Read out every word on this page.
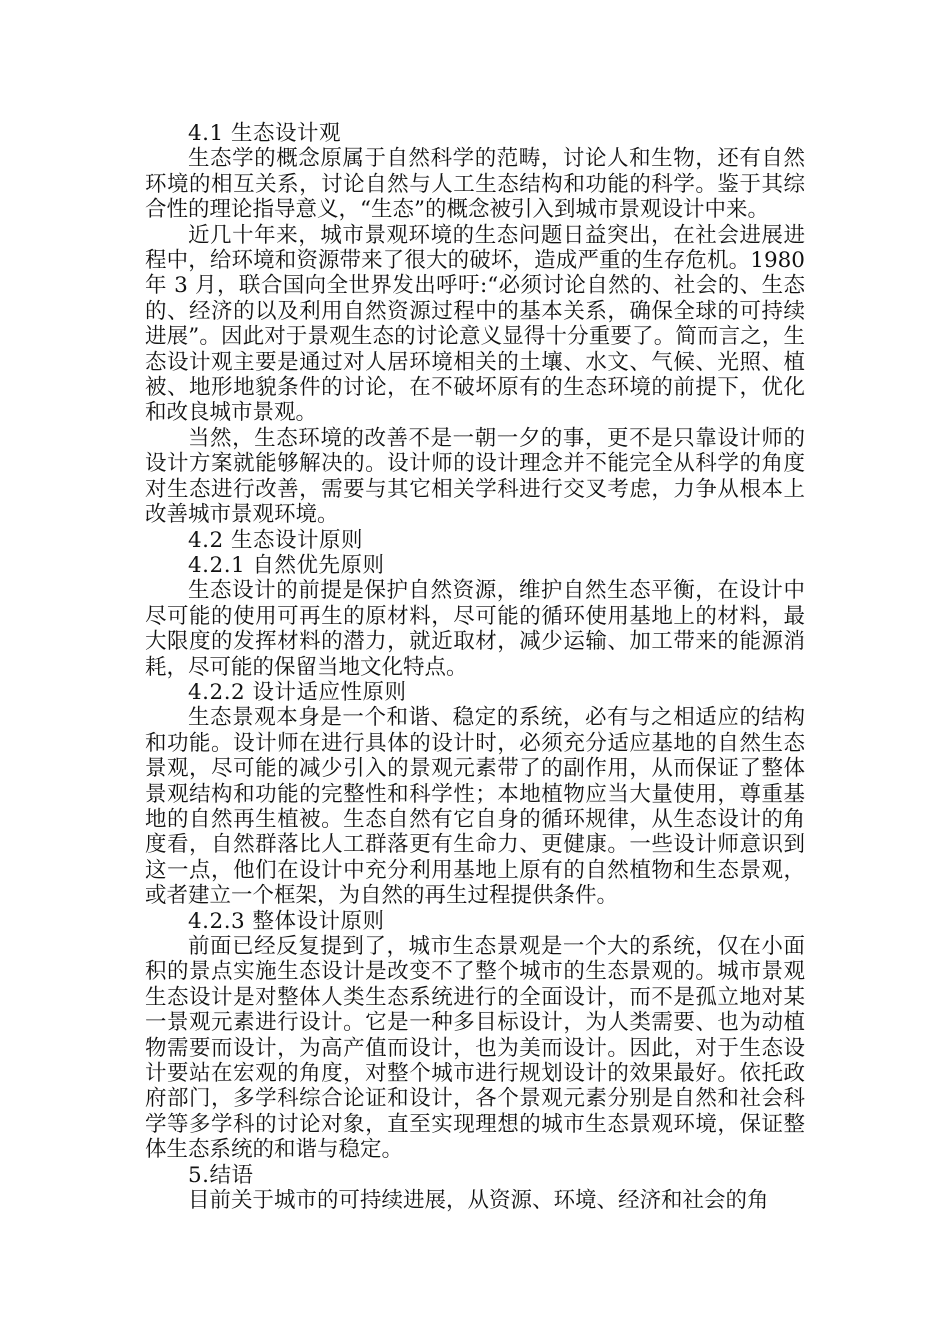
4.1 生态设计观

生态学的概念原属于自然科学的范畴，讨论人和生物，还有自然环境的相互关系，讨论自然与人工生态结构和功能的科学。鉴于其综合性的理论指导意义，“生态”的概念被引入到城市景观设计中来。

近几十年来，城市景观环境的生态问题日益突出，在社会进展进程中，给环境和资源带来了很大的破坏，造成严重的生存危机。1980 年 3 月，联合国向全世界发出呼吁:“必须讨论自然的、社会的、生态的、经济的以及利用自然资源过程中的基本关系，确保全球的可持续进展”。因此对于景观生态的讨论意义显得十分重要了。简而言之，生态设计观主要是通过对人居环境相关的土壤、水文、气候、光照、植被、地形地貌条件的讨论，在不破坏原有的生态环境的前提下，优化和改良城市景观。

当然，生态环境的改善不是一朝一夕的事，更不是只靠设计师的设计方案就能够解决的。设计师的设计理念并不能完全从科学的角度对生态进行改善，需要与其它相关学科进行交叉考虑，力争从根本上改善城市景观环境。

4.2 生态设计原则
4.2.1 自然优先原则

生态设计的前提是保护自然资源，维护自然生态平衡，在设计中尽可能的使用可再生的原材料，尽可能的循环使用基地上的材料，最大限度的发挥材料的潜力，就近取材，减少运输、加工带来的能源消耗，尽可能的保留当地文化特点。

4.2.2 设计适应性原则

生态景观本身是一个和谐、稳定的系统，必有与之相适应的结构和功能。设计师在进行具体的设计时，必须充分适应基地的自然生态景观，尽可能的减少引入的景观元素带了的副作用，从而保证了整体景观结构和功能的完整性和科学性；本地植物应当大量使用，尊重基地的自然再生植被。生态自然有它自身的循环规律，从生态设计的角度看，自然群落比人工群落更有生命力、更健康。一些设计师意识到这一点，他们在设计中充分利用基地上原有的自然植物和生态景观，或者建立一个框架，为自然的再生过程提供条件。

4.2.3 整体设计原则

前面已经反复提到了，城市生态景观是一个大的系统，仅在小面积的景点实施生态设计是改变不了整个城市的生态景观的。城市景观生态设计是对整体人类生态系统进行的全面设计，而不是孤立地对某一景观元素进行设计。它是一种多目标设计，为人类需要、也为动植物需要而设计，为高产值而设计，也为美而设计。因此，对于生态设计要站在宏观的角度，对整个城市进行规划设计的效果最好。依托政府部门，多学科综合论证和设计，各个景观元素分别是自然和社会科学等多学科的讨论对象，直至实现理想的城市生态景观环境，保证整体生态系统的和谐与稳定。

5.结语

目前关于城市的可持续进展，从资源、环境、经济和社会的角
